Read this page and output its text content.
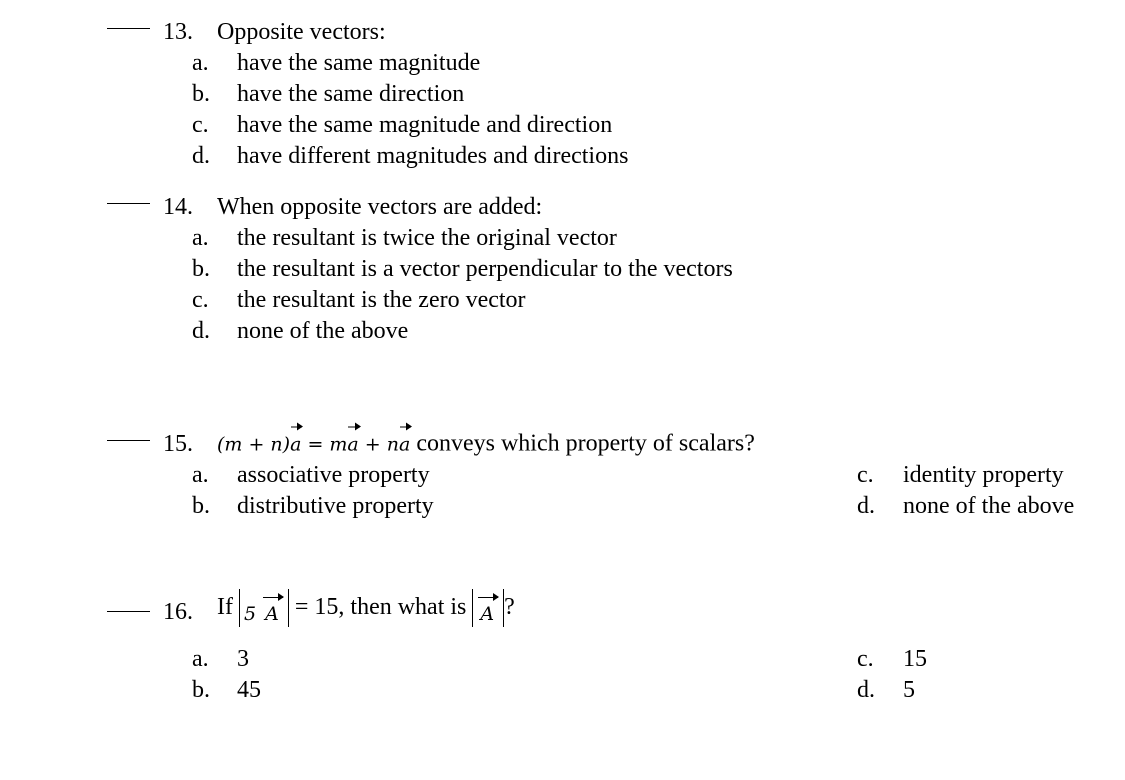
13. Opposite vectors:
a. have the same magnitude
b. have the same direction
c. have the same magnitude and direction
d. have different magnitudes and directions
14. When opposite vectors are added:
a. the resultant is twice the original vector
b. the resultant is a vector perpendicular to the vectors
c. the resultant is the zero vector
d. none of the above
15. (m + n)a = ma + na conveys which property of scalars?
a. associative property
b. distributive property
c. identity property
d. none of the above
16. If 5 A = 15, then what is A ?
a. 3
b. 45
c. 15
d. 5
